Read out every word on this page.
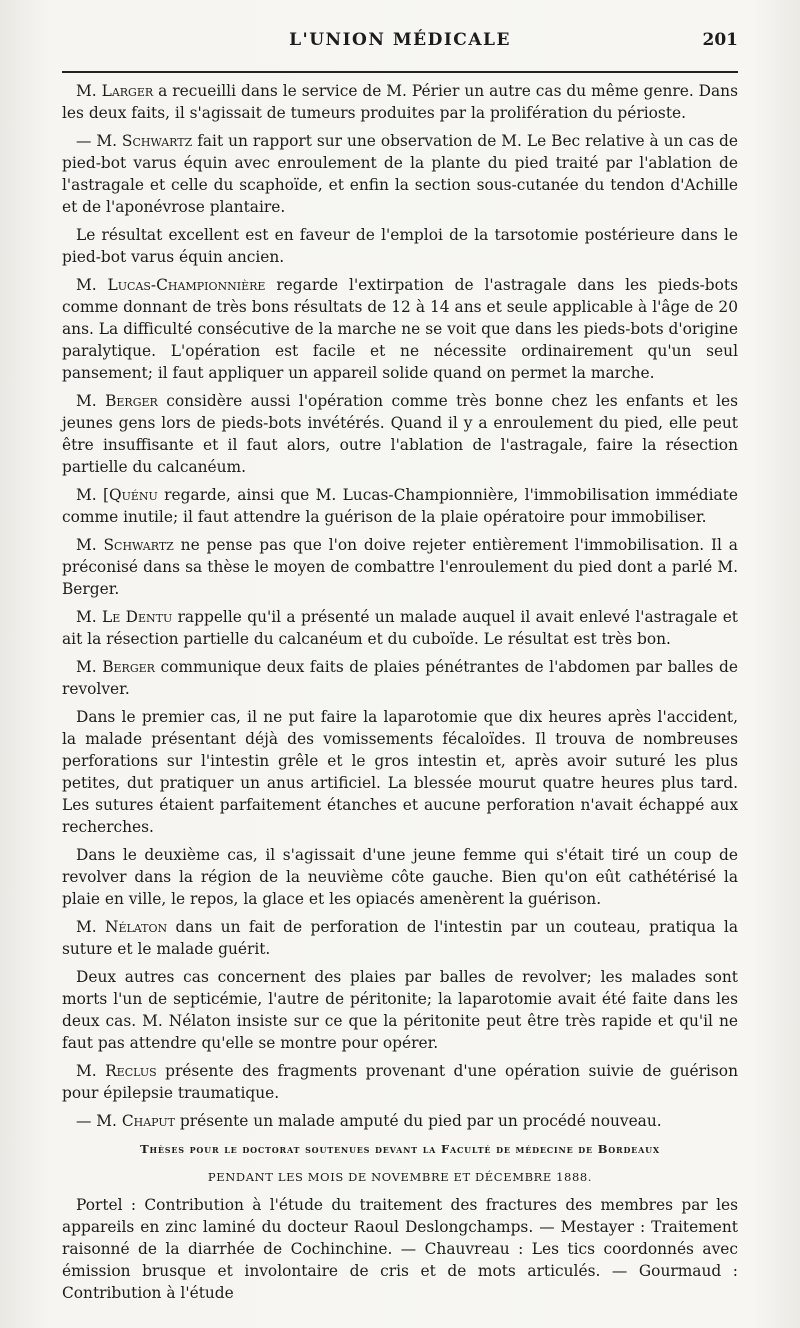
L'UNION MÉDICALE	201

M. Larger a recueilli dans le service de M. Périer un autre cas du même genre. Dans les deux faits, il s'agissait de tumeurs produites par la prolifération du périoste.

— M. Schwartz fait un rapport sur une observation de M. Le Bec relative à un cas de pied-bot varus équin avec enroulement de la plante du pied traité par l'ablation de l'astragale et celle du scaphoïde, et enfin la section sous-cutanée du tendon d'Achille et de l'aponévrose plantaire.

Le résultat excellent est en faveur de l'emploi de la tarsotomie postérieure dans le pied-bot varus équin ancien.

M. Lucas-Championnière regarde l'extirpation de l'astragale dans les pieds-bots comme donnant de très bons résultats de 12 à 14 ans et seule applicable à l'âge de 20 ans. La difficulté consécutive de la marche ne se voit que dans les pieds-bots d'origine paralytique. L'opération est facile et ne nécessite ordinairement qu'un seul pansement; il faut appliquer un appareil solide quand on permet la marche.

M. Berger considère aussi l'opération comme très bonne chez les enfants et les jeunes gens lors de pieds-bots invétérés. Quand il y a enroulement du pied, elle peut être insuffisante et il faut alors, outre l'ablation de l'astragale, faire la résection partielle du calcanéum.

M. [Quénu regarde, ainsi que M. Lucas-Championnière, l'immobilisation immédiate comme inutile; il faut attendre la guérison de la plaie opératoire pour immobiliser.

M. Schwartz ne pense pas que l'on doive rejeter entièrement l'immobilisation. Il a préconisé dans sa thèse le moyen de combattre l'enroulement du pied dont a parlé M. Berger.

M. Le Dentu rappelle qu'il a présenté un malade auquel il avait enlevé l'astragale et ait la résection partielle du calcanéum et du cuboïde. Le résultat est très bon.

M. Berger communique deux faits de plaies pénétrantes de l'abdomen par balles de revolver.

Dans le premier cas, il ne put faire la laparotomie que dix heures après l'accident, la malade présentant déjà des vomissements fécaloïdes. Il trouva de nombreuses perforations sur l'intestin grêle et le gros intestin et, après avoir suturé les plus petites, dut pratiquer un anus artificiel. La blessée mourut quatre heures plus tard. Les sutures étaient parfaitement étanches et aucune perforation n'avait échappé aux recherches.

Dans le deuxième cas, il s'agissait d'une jeune femme qui s'était tiré un coup de revolver dans la région de la neuvième côte gauche. Bien qu'on eût cathétérisé la plaie en ville, le repos, la glace et les opiacés amenèrent la guérison.

M. Nélaton dans un fait de perforation de l'intestin par un couteau, pratiqua la suture et le malade guérit.

Deux autres cas concernent des plaies par balles de revolver; les malades sont morts l'un de septicémie, l'autre de péritonite; la laparotomie avait été faite dans les deux cas. M. Nélaton insiste sur ce que la péritonite peut être très rapide et qu'il ne faut pas attendre qu'elle se montre pour opérer.

M. Reclus présente des fragments provenant d'une opération suivie de guérison pour épilepsie traumatique.

— M. Chaput présente un malade amputé du pied par un procédé nouveau.

Thèses pour le doctorat soutenues devant la Faculté de médecine de Bordeaux

PENDANT LES MOIS DE NOVEMBRE ET DÉCEMBRE 1888.

Portel : Contribution à l'étude du traitement des fractures des membres par les appareils en zinc laminé du docteur Raoul Deslongchamps. — Mestayer : Traitement raisonné de la diarrhée de Cochinchine. — Chauvreau : Les tics coordonnés avec émission brusque et involontaire de cris et de mots articulés. — Gourmaud : Contribution à l'étude
